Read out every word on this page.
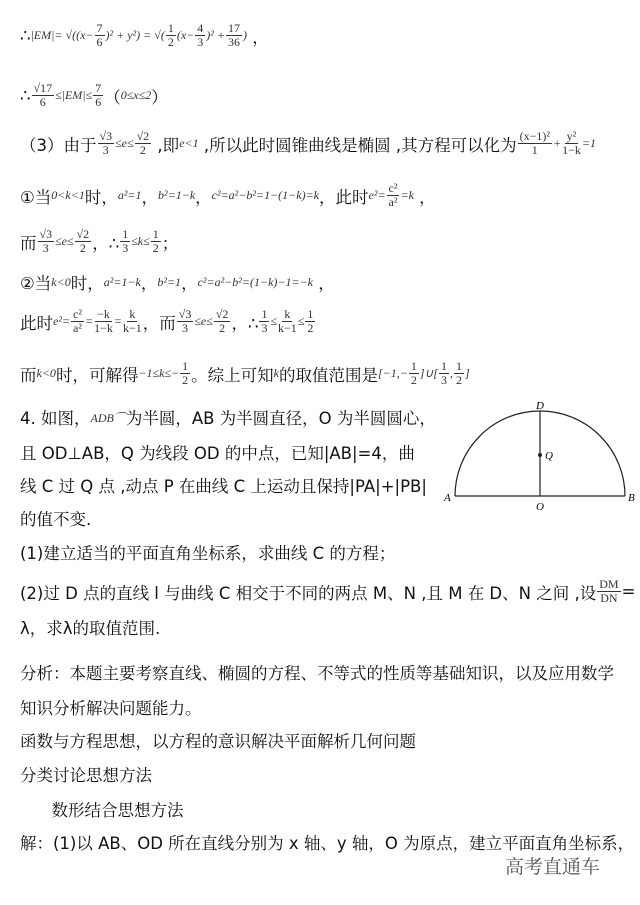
∴ $|EM|= √((x- \frac{7}{6} )^2 + y^2)$ = √( $\frac{1}{2} (x- \frac{4}{3} )^2 + \frac{17}{36}$ ) ，
∴ $\frac{√17}{6} \le|EM|\le \frac{7}{6}$ （ 0≤x≤2 ）
（3）由于 $\frac{√3}{3} \le e\le \frac{√2}{2}$ ,即 e<1 ,所以此时圆锥曲线是椭圆 ,其方程可以化为 $\frac{\text{(x−1)²}}{1} + \frac{\text{y²}}{1-k} =1$
①当 0<k<1 时， a²=1 ， b²=1−k ， c²=a²−b²=1−(1−k)=k ，此时 $e^2= \frac{\text{c²}}{\text{a²}} =k$ ，
而 $\frac{√3}{3} \le e\le \frac{√2}{2}$ ，∴ $\frac{1}{3} \le k\le \frac{1}{2}$ ；
②当 k<0 时， a²=1−k ， b²=1 ， c²=a²−b²=(1−k)−1=−k ，
此时 $e^2= \frac{\text{c²}}{\text{a²}} = \frac{-k}{1-k} = \frac{k}{k-1}$ ，而 $\frac{√3}{3} \le e\le \frac{√2}{2}$ ，∴ $\frac{1}{3} \le \frac{k}{k-1} \le \frac{1}{2}$
而 k<0 时，可解得 $-1\le k\le- \frac{1}{2}$ 。综上可知 k 的取值范围是 [$-1,- \frac{1}{2}$ ]∪[ $\frac{1}{3}$ , $\frac{1}{2}$ ]
4. 如图， ADB⌒ 为半圆，AB 为半圆直径，O 为半圆圆心，
且 OD⊥AB，Q 为线段 OD 的中点，已知|AB|=4，曲
线 C 过 Q 点 ,动点 P 在曲线 C 上运动且保持|PA|+|PB|
的值不变.
(1)建立适当的平面直角坐标系，求曲线 C 的方程；
(2)过 D 点的直线 l 与曲线 C 相交于不同的两点 M、N ,且 M 在 D、N 之间 ,设 $\frac{DM}{DN}$ =
λ，求λ的取值范围.
分析：本题主要考察直线、椭圆的方程、不等式的性质等基础知识，以及应用数学
知识分析解决问题能力。
函数与方程思想，以方程的意识解决平面解析几何问题
分类讨论思想方法
数形结合思想方法
解：(1)以 AB、OD 所在直线分别为 x 轴、y 轴，O 为原点，建立平面直角坐标系，
A	B
D
O
Q
高考直通车
